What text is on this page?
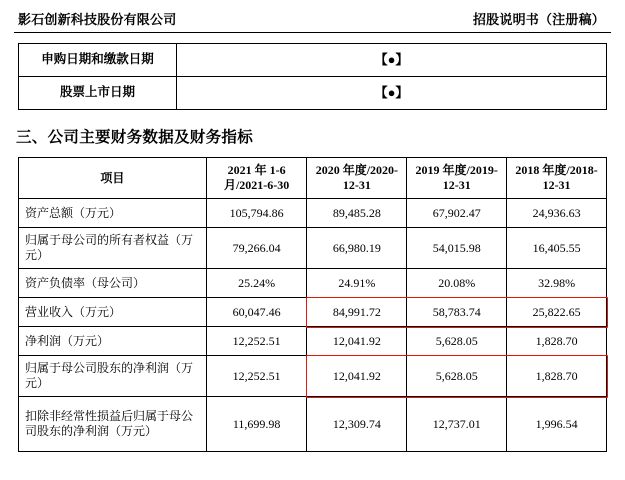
影石创新科技股份有限公司	招股说明书（注册稿）
申购日期和缴款日期	【●】
股票上市日期	【●】
三、公司主要财务数据及财务指标
项目	2021 年 1-6 月/2021-6-30	2020 年度/2020-12-31	2019 年度/2019-12-31	2018 年度/2018-12-31
资产总额（万元）	105,794.86	89,485.28	67,902.47	24,936.63
归属于母公司的所有者权益（万元）	79,266.04	66,980.19	54,015.98	16,405.55
资产负债率（母公司）	25.24%	24.91%	20.08%	32.98%
营业收入（万元）	60,047.46	84,991.72	58,783.74	25,822.65
净利润（万元）	12,252.51	12,041.92	5,628.05	1,828.70
归属于母公司股东的净利润（万元）	12,252.51	12,041.92	5,628.05	1,828.70
扣除非经常性损益后归属于母公司股东的净利润（万元）	11,699.98	12,309.74	12,737.01	1,996.54
